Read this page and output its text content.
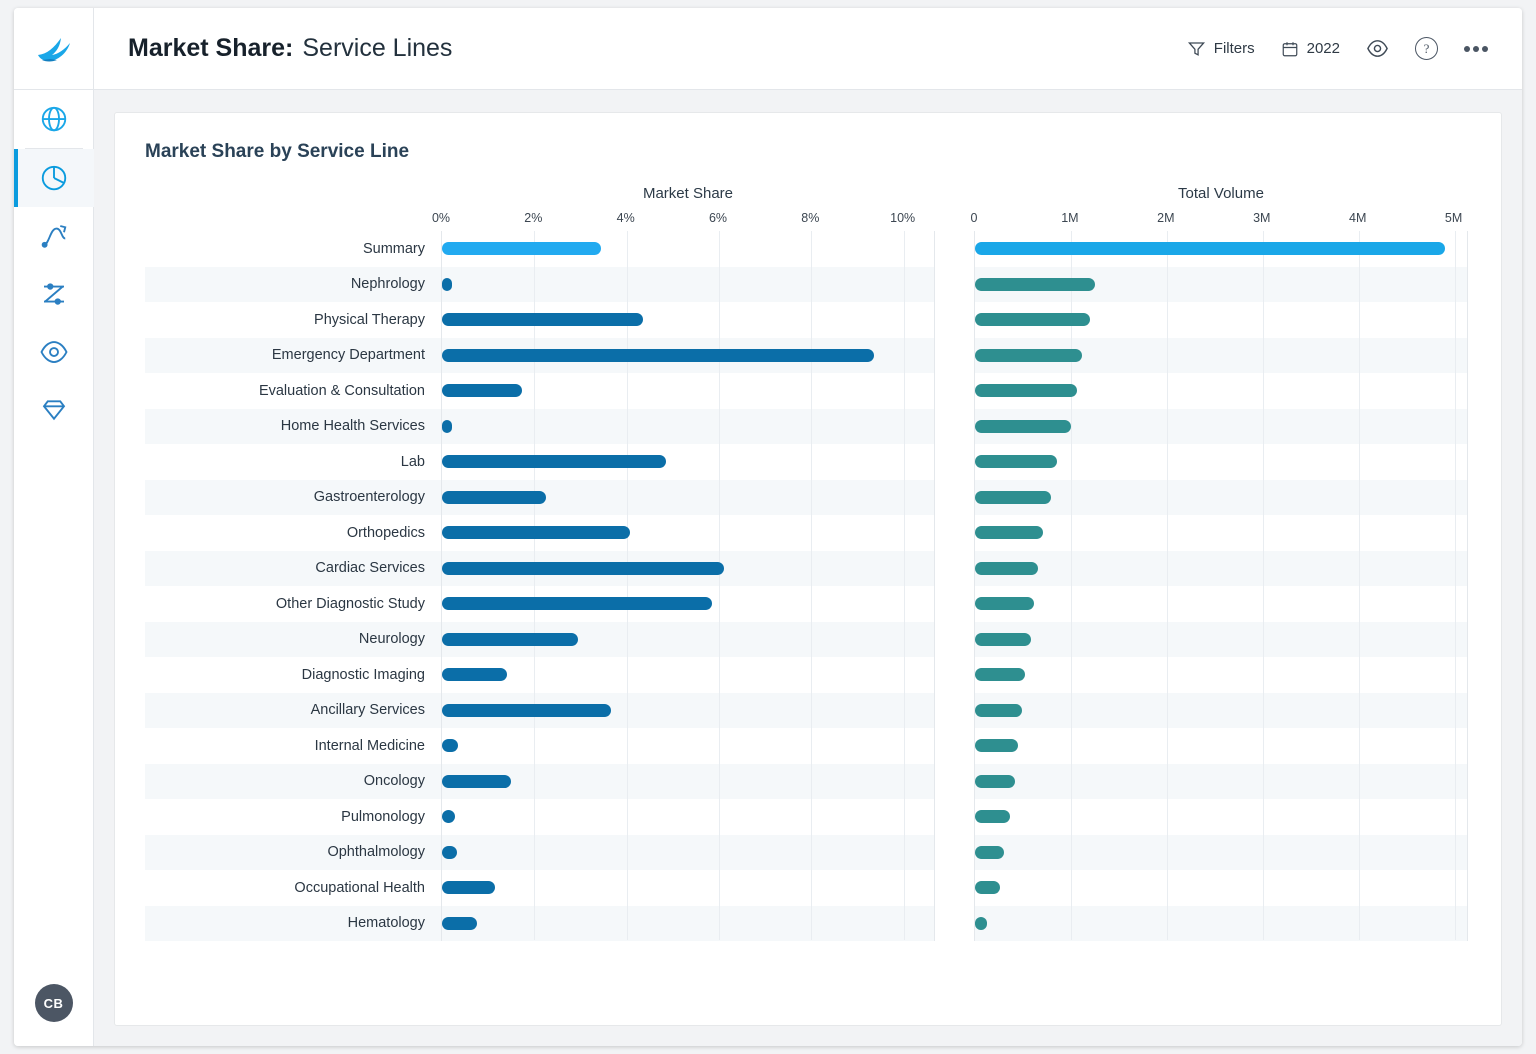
CB
Market Share: Service Lines	Filters	2022	?
Market Share by Service Line
Summary
Nephrology
Physical Therapy
Emergency Department
Evaluation & Consultation
Home Health Services
Lab
Gastroenterology
Orthopedics
Cardiac Services
Other Diagnostic Study
Neurology
Diagnostic Imaging
Ancillary Services
Internal Medicine
Oncology
Pulmonology
Ophthalmology
Occupational Health
Hematology
Market Share
0%	2%	4%	6%	8%	10%
Total Volume
0	1M	2M	3M	4M	5M
